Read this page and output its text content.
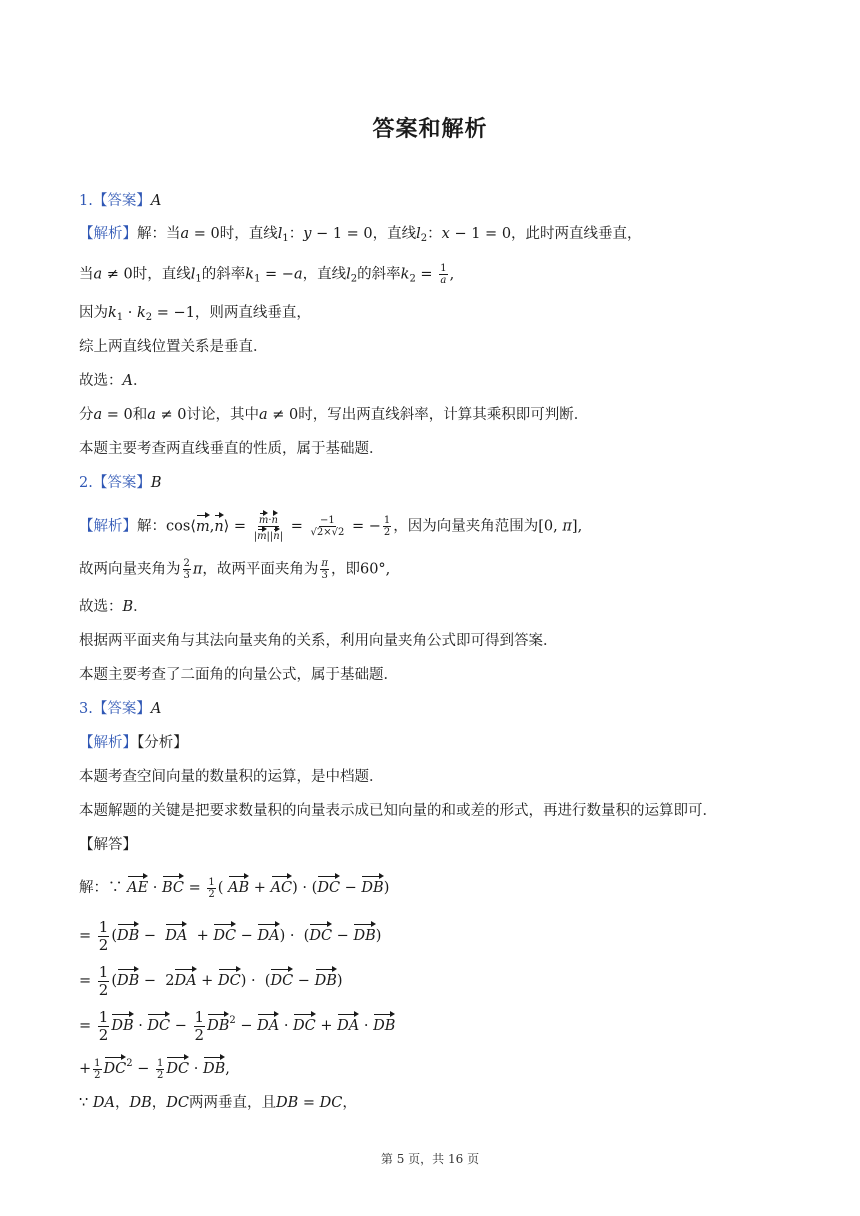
答案和解析
1.【答案】A
【解析】解：当a = 0时，直线$l_1$：y − 1 = 0，直线$l_2$：x − 1 = 0，此时两直线垂直，
当a ≠ 0时，直线$l_1$的斜率$k_1 = -a$，直线$l_2$的斜率$k_2 = \frac{1}{a}$ ,
因为$k_1 \cdot k_2 = -1$，则两直线垂直，
综上两直线位置关系是垂直．
故选：A．
分a = 0和a ≠ 0讨论，其中a ≠ 0时，写出两直线斜率，计算其乘积即可判断．
本题主要考查两直线垂直的性质，属于基础题．
2.【答案】B
【解析】解：cos⟨m,n⟩ = $\frac{m\cdot n}{|m||n|} = \frac{-1}{√2\times√2}$ = − $\frac{1}{2}$ ，因为向量夹角范围为[0, π],
故两向量夹角为 $\frac{2}{3}$ π，故两平面夹角为 $\frac{\pi}{3}$ ，即60°,
故选：B．
根据两平面夹角与其法向量夹角的关系，利用向量夹角公式即可得到答案．
本题主要考查了二面角的向量公式，属于基础题．
3.【答案】A
【解析】【分析】
本题考查空间向量的数量积的运算，是中档题．
本题解题的关键是把要求数量积的向量表示成已知向量的和或差的形式，再进行数量积的运算即可．
【解答】
解：∵ AE · BC = $\frac{1}{2}$ ( AB + AC) · (DC − DB)
= $\frac{1}{2} (DB$ −  DA  + DC − DA) ·  (DC − DB)
= $\frac{1}{2} (DB - 2DA + DC) \cdot (DC - DB)$
= $\frac{1}{2}$ DB · DC − $\frac{1}{2} DB^2$ − DA · DC + DA · DB
+ $\frac{1}{2} DC^2 - \frac{1}{2}$ DC · DB,
∵ DA，DB，DC两两垂直，且DB = DC，
第 5 页，共 16 页
